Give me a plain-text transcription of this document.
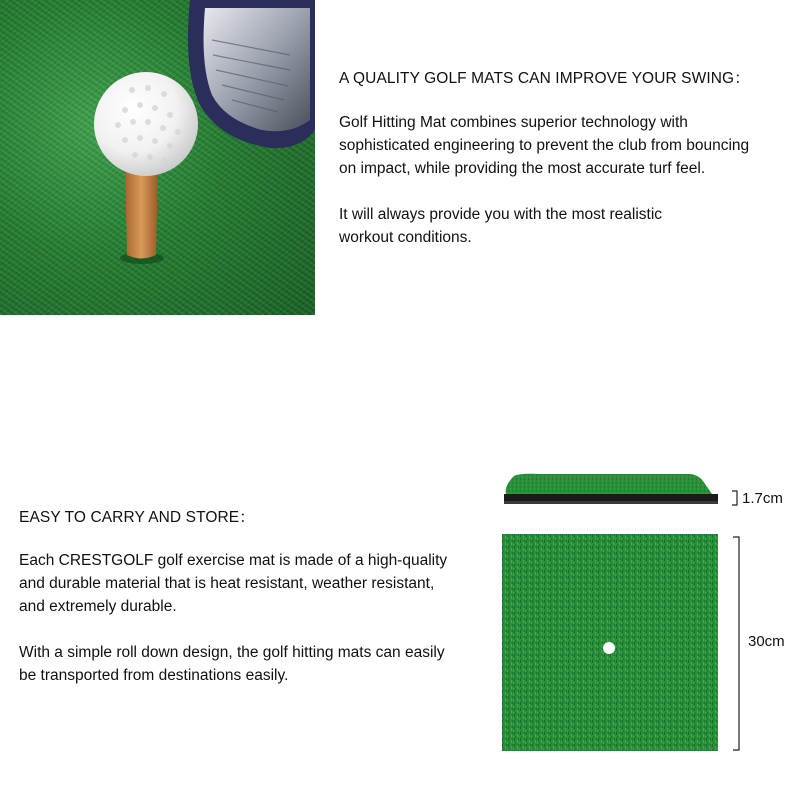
A QUALITY GOLF MATS CAN IMPROVE YOUR SWING：

Golf Hitting Mat combines superior technology with

sophisticated engineering to prevent the club from bouncing

on impact, while providing the most accurate turf feel.

It will always provide you with the most realistic

workout conditions.

EASY TO CARRY AND STORE：

Each CRESTGOLF golf exercise mat is made of a high-quality

and durable material that is heat resistant, weather resistant,

and extremely durable.

With a simple roll down design, the golf hitting mats can easily

be transported from destinations easily.

1.7cm
30cm
